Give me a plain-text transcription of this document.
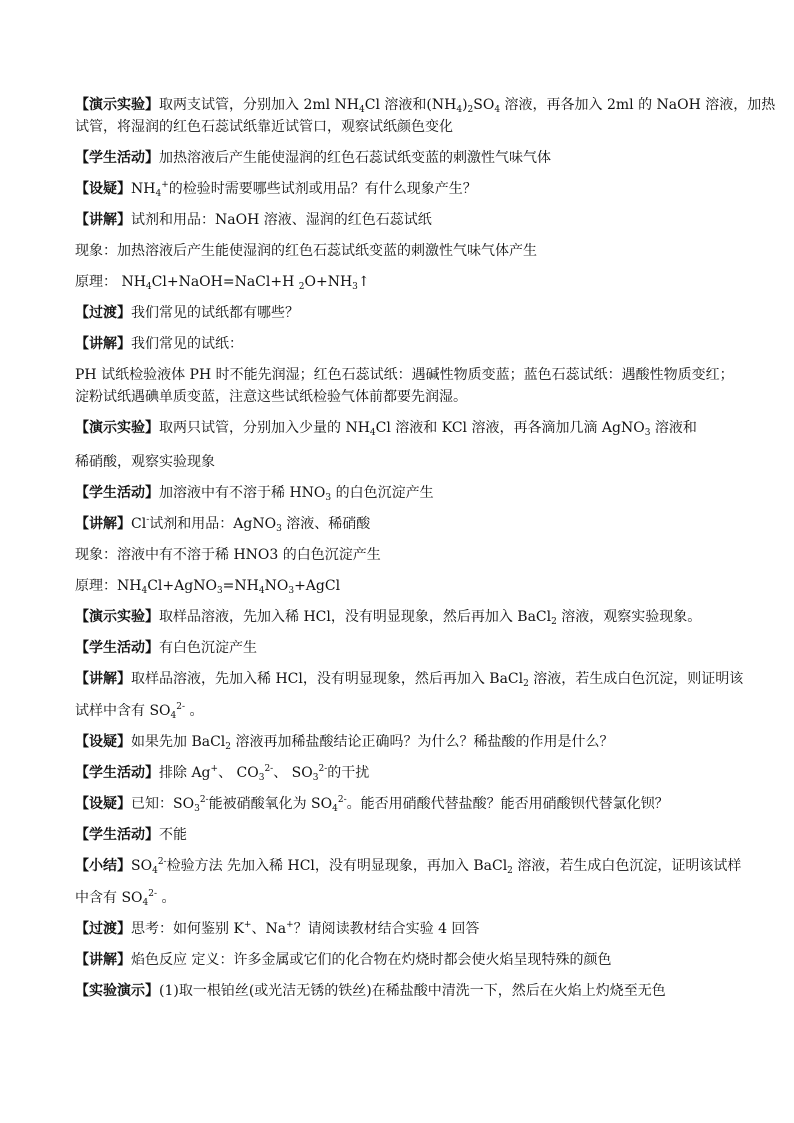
【演示实验】取两支试管，分别加入 2ml $NH_4Cl$ 溶液和$(NH_4)_2SO_4$ 溶液，再各加入 2ml 的 NaOH 溶液，加热
试管，将湿润的红色石蕊试纸靠近试管口，观察试纸颜色变化
【学生活动】加热溶液后产生能使湿润的红色石蕊试纸变蓝的刺激性气味气体
【设疑】$NH_4^+$的检验时需要哪些试剂或用品？有什么现象产生？
【讲解】试剂和用品：NaOH 溶液、湿润的红色石蕊试纸
现象：加热溶液后产生能使湿润的红色石蕊试纸变蓝的刺激性气味气体产生
原理： $NH_4Cl+NaOH=NaCl+H$ $_2O+NH_3↑$
【过渡】我们常见的试纸都有哪些？
【讲解】我们常见的试纸：
PH 试纸检验液体 PH 时不能先润湿；红色石蕊试纸：遇碱性物质变蓝；蓝色石蕊试纸：遇酸性物质变红；
淀粉试纸遇碘单质变蓝，注意这些试纸检验气体前都要先润湿。
【演示实验】取两只试管，分别加入少量的 $NH_4Cl$ 溶液和 KCl 溶液，再各滴加几滴 AgNO$_3$ 溶液和
稀硝酸，观察实验现象
【学生活动】加溶液中有不溶于稀 $HNO_3$ 的白色沉淀产生
【讲解】Cl-试剂和用品：AgNO$_3$ 溶液、稀硝酸
现象：溶液中有不溶于稀 HNO3 的白色沉淀产生
原理：$NH_4Cl+AgNO_3=NH_4NO_3+AgCl$
【演示实验】取样品溶液，先加入稀 HCl，没有明显现象，然后再加入 BaCl$_2$ 溶液，观察实验现象。
【学生活动】有白色沉淀产生
【讲解】取样品溶液，先加入稀 HCl，没有明显现象，然后再加入 BaCl$_2$ 溶液，若生成白色沉淀，则证明该
试样中含有 $SO_4^{2-}$ 。
【设疑】如果先加 BaCl$_2$ 溶液再加稀盐酸结论正确吗？为什么？稀盐酸的作用是什么？
【学生活动】排除 Ag+、 $CO_3^{2-}$、 $SO_3^{2-}$的干扰
【设疑】已知：$SO_3^{2-}$能被硝酸氧化为 $SO_4^{2-}$。能否用硝酸代替盐酸？能否用硝酸钡代替氯化钡？
【学生活动】不能
【小结】$SO_4^{2-}$检验方法 先加入稀 HCl，没有明显现象，再加入 BaCl$_2$ 溶液，若生成白色沉淀，证明该试样
中含有 $SO_4^{2-}$ 。
【过渡】思考：如何鉴别 K+、Na+？请阅读教材结合实验 4 回答
【讲解】焰色反应 定义：许多金属或它们的化合物在灼烧时都会使火焰呈现特殊的颜色
【实验演示】(1)取一根铂丝(或光洁无锈的铁丝)在稀盐酸中清洗一下，然后在火焰上灼烧至无色
